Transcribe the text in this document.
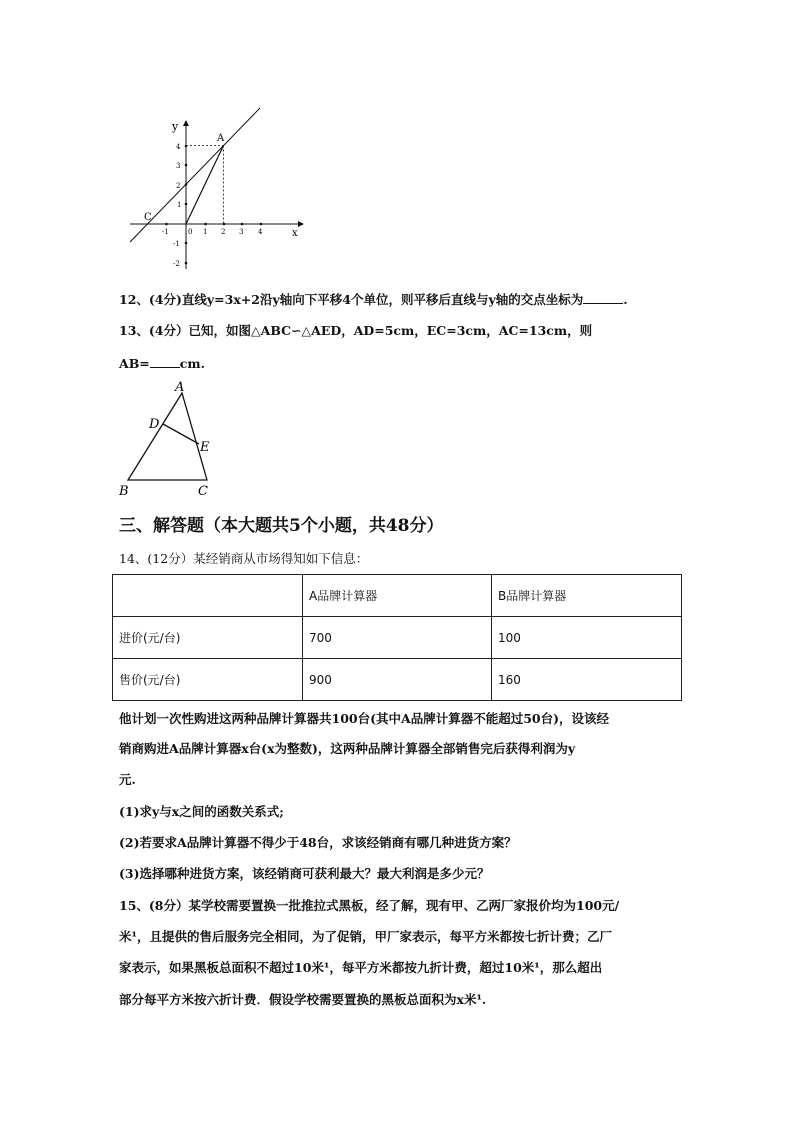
y
x
A
C
4
3
2
1
-1
-2
-1	0 1 2 3 4
12、(4分)直线y=3x+2沿y轴向下平移4个单位，则平移后直线与y轴的交点坐标为	.
13、(4分）已知，如图△ABC∽△AED，AD=5cm，EC=3cm，AC=13cm，则
AB= cm.
A
B	C
D
E
三、解答题（本大题共5个小题，共48分）
14、(12分）某经销商从市场得知如下信息：
	A品牌计算器	B品牌计算器
进价(元/台)	700	100
售价(元/台)	900	160
他计划一次性购进这两种品牌计算器共100台(其中A品牌计算器不能超过50台)，设该经
销商购进A品牌计算器x台(x为整数)，这两种品牌计算器全部销售完后获得利润为y
元.
(1)求y与x之间的函数关系式;
(2)若要求A品牌计算器不得少于48台，求该经销商有哪几种进货方案？
(3)选择哪种进货方案，该经销商可获利最大？最大利润是多少元？
15、(8分）某学校需要置换一批推拉式黑板，经了解，现有甲、乙两厂家报价均为100元/
米¹，且提供的售后服务完全相同，为了促销，甲厂家表示，每平方米都按七折计费；乙厂
家表示，如果黑板总面积不超过10米¹，每平方米都按九折计费，超过10米¹，那么超出
部分每平方米按六折计费．假设学校需要置换的黑板总面积为x米¹.
